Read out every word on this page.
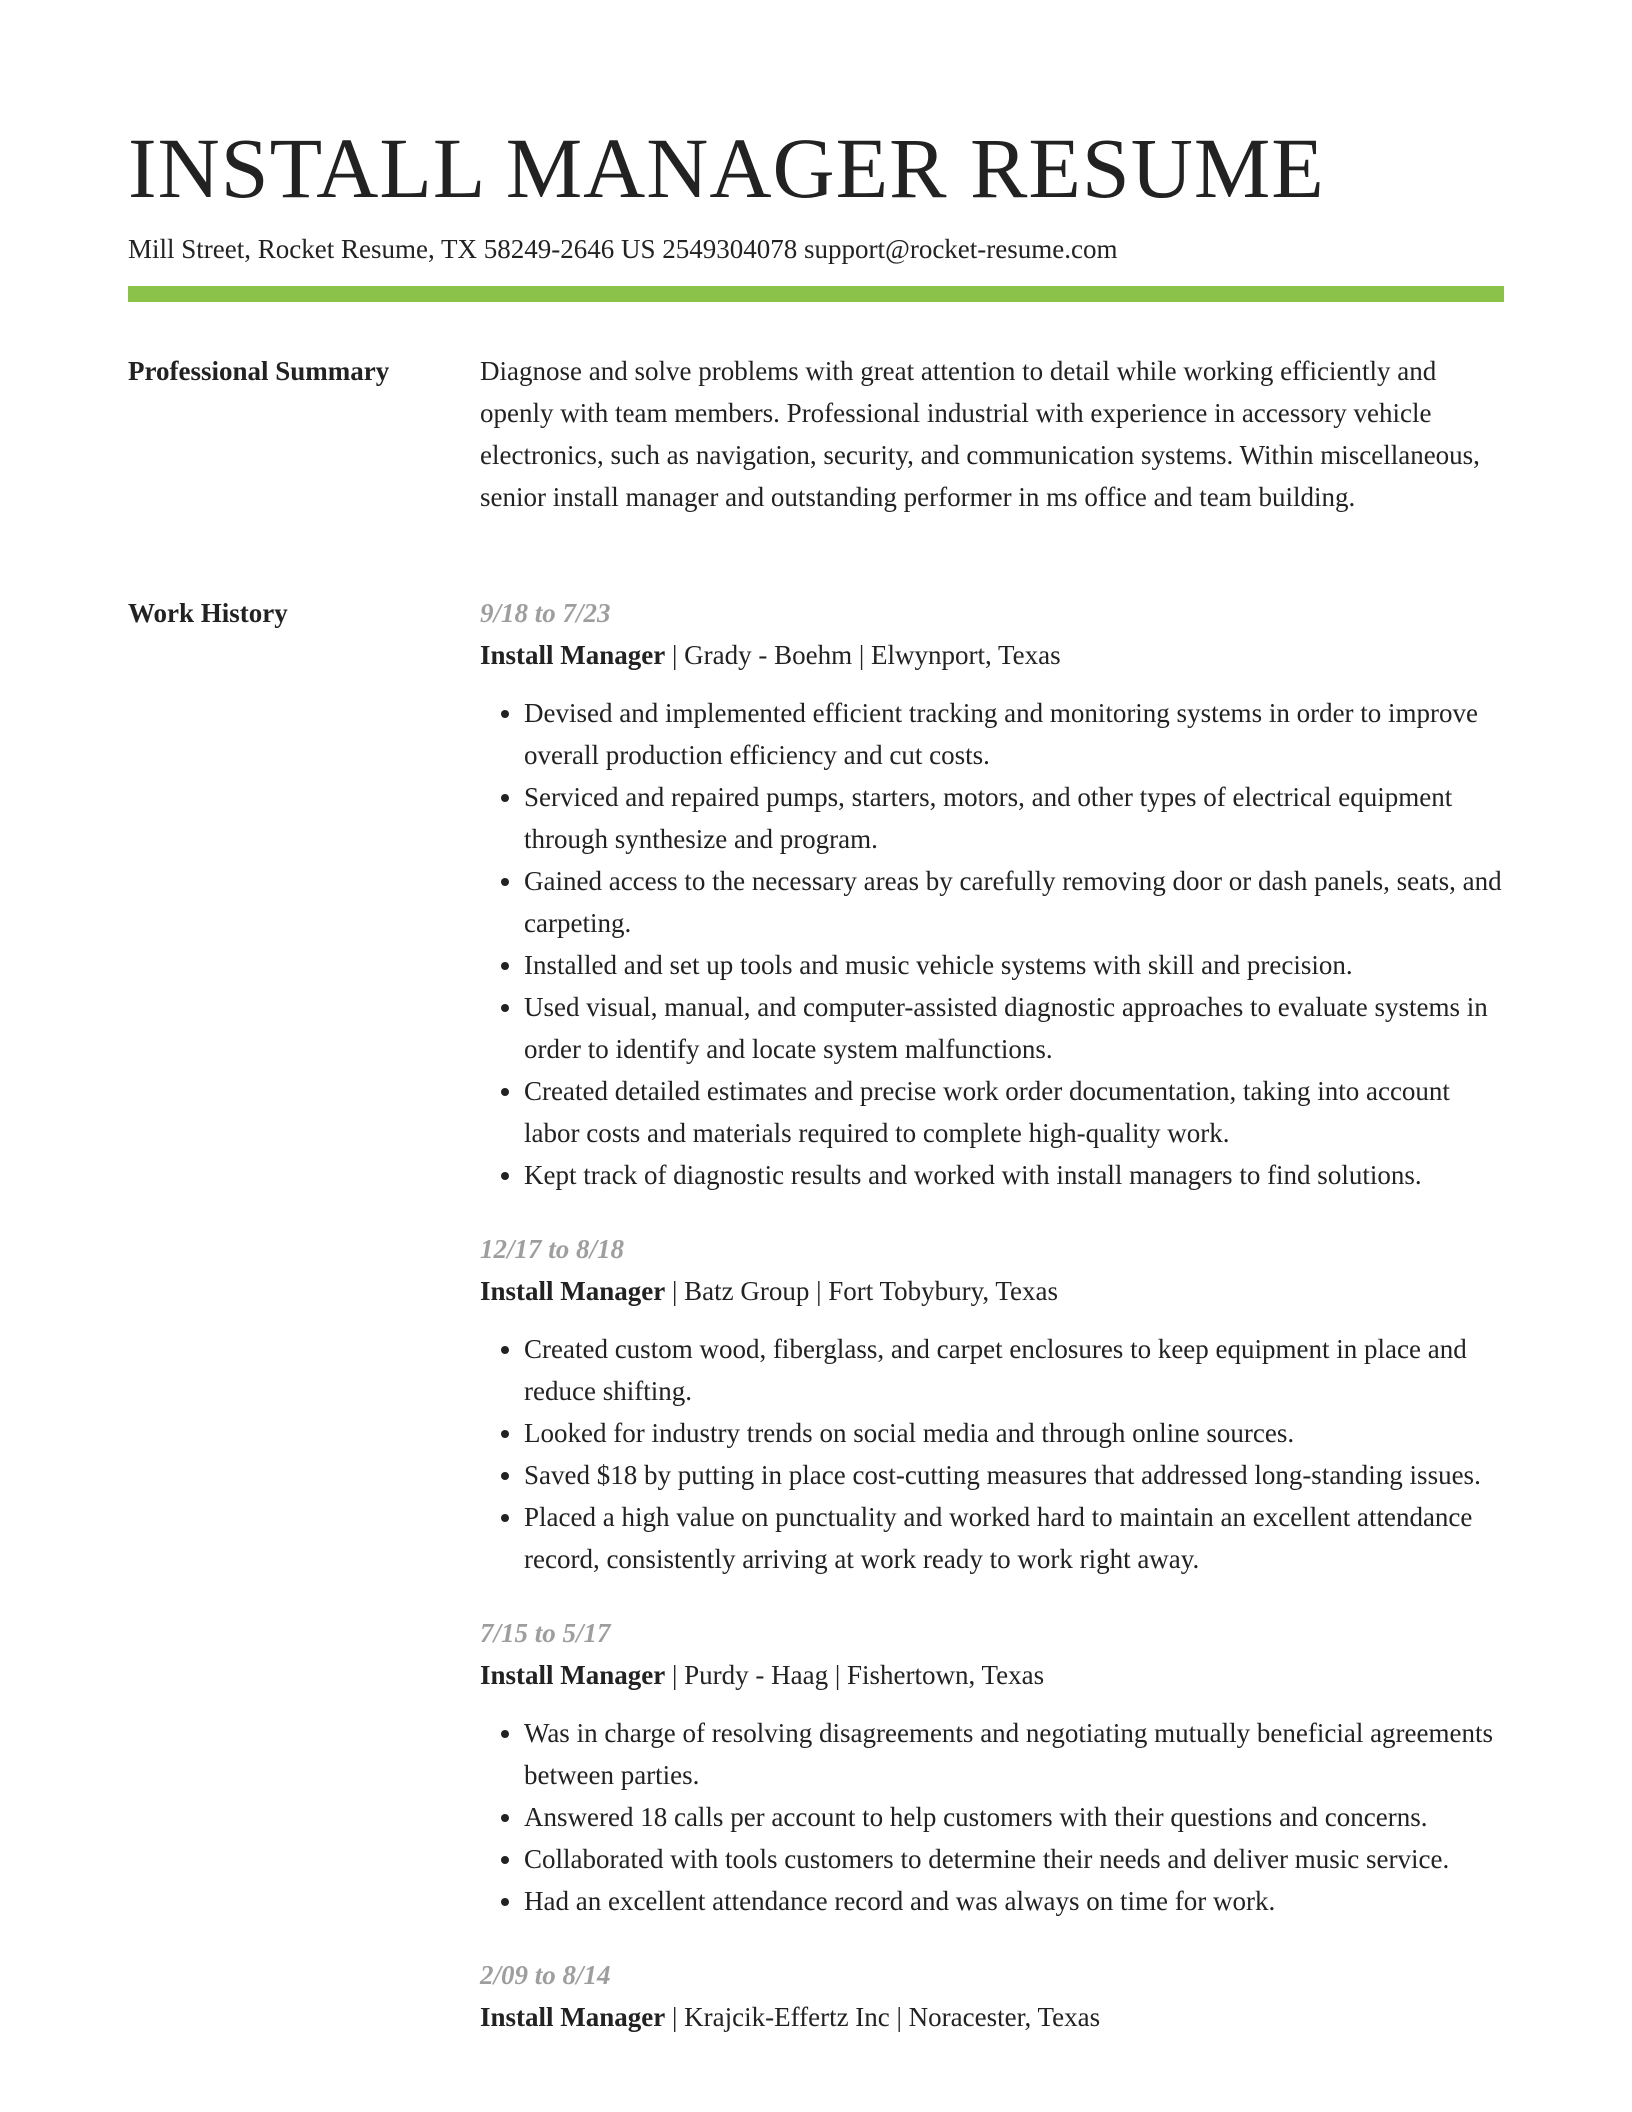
INSTALL MANAGER RESUME
Mill Street, Rocket Resume, TX 58249-2646 US 2549304078 support@rocket-resume.com
Professional Summary	Diagnose and solve problems with great attention to detail while working efficiently and openly with team members. Professional industrial with experience in accessory vehicle electronics, such as navigation, security, and communication systems. Within miscellaneous, senior install manager and outstanding performer in ms office and team building.

Work History	9/18 to 7/23
Install Manager | Grady - Boehm | Elwynport, Texas
• Devised and implemented efficient tracking and monitoring systems in order to improve overall production efficiency and cut costs.
• Serviced and repaired pumps, starters, motors, and other types of electrical equipment through synthesize and program.
• Gained access to the necessary areas by carefully removing door or dash panels, seats, and carpeting.
• Installed and set up tools and music vehicle systems with skill and precision.
• Used visual, manual, and computer-assisted diagnostic approaches to evaluate systems in order to identify and locate system malfunctions.
• Created detailed estimates and precise work order documentation, taking into account labor costs and materials required to complete high-quality work.
• Kept track of diagnostic results and worked with install managers to find solutions.
12/17 to 8/18
Install Manager | Batz Group | Fort Tobybury, Texas
• Created custom wood, fiberglass, and carpet enclosures to keep equipment in place and reduce shifting.
• Looked for industry trends on social media and through online sources.
• Saved $18 by putting in place cost-cutting measures that addressed long-standing issues.
• Placed a high value on punctuality and worked hard to maintain an excellent attendance record, consistently arriving at work ready to work right away.
7/15 to 5/17
Install Manager | Purdy - Haag | Fishertown, Texas
• Was in charge of resolving disagreements and negotiating mutually beneficial agreements between parties.
• Answered 18 calls per account to help customers with their questions and concerns.
• Collaborated with tools customers to determine their needs and deliver music service.
• Had an excellent attendance record and was always on time for work.
2/09 to 8/14
Install Manager | Krajcik-Effertz Inc | Noracester, Texas
